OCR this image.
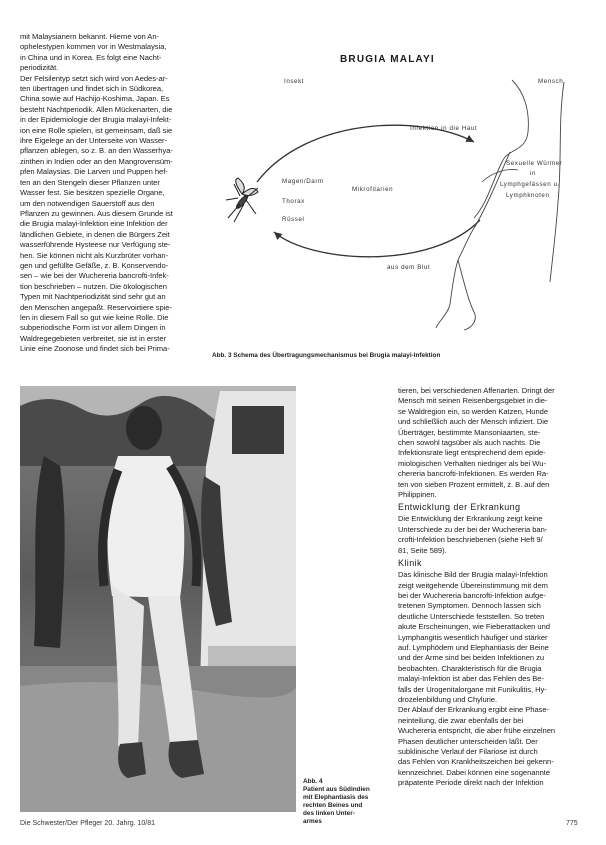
mit Malaysianern bekannt. Hierne von An-
ophelestypen kommen vor in Westmalaysia,
in China und in Korea. Es folgt eine Nacht-
periodizität.
Der Felsilentyp setzt sich wird von Aedes-ar-
ten übertragen und findet sich in Südkorea,
China sowie auf Hachijo-Koshima, Japan. Es
besteht Nachtperiodik. Allen Mückenarten, die
in der Epidemiologie der Brugia malayi-Infekt-
ion eine Rolle spielen, ist gemeinsam, daß sie
ihre Eigelege an der Unterseite von Wasser-
pflanzen ablegen, so z. B. an den Wasserhya-
zinthen in Indien oder an den Mangrovensüm-
pfen Malaysias. Die Larven und Puppen hef-
ten an den Stengeln dieser Pflanzen unter
Wasser fest. Sie besitzen spezielle Organe,
um den notwendigen Sauerstoff aus den
Pflanzen zu gewinnen. Aus diesem Grunde ist
die Brugia malayi-Infektion eine Infektion der
ländlichen Gebiete, in denen die Bürgers Zeit
wasserführende Hysteese nur Verfügung ste-
hen. Sie können nicht als Kurzbrüter vorhan-
gen und gefüllte Gefäße, z. B. Konservendo-
sen – wie bei der Wuchereria bancrofti-Infek-
tion beschrieben – nutzen. Die ökologischen
Typen mit Nachtperiodizität sind sehr gut an
den Menschen angepaßt. Reservoirtiere spie-
len in diesem Fall so gut wie keine Rolle. Die
subperiodische Form ist vor allem Dingen in
Waldregegebieten verbreitet, sie ist in erster
Linie eine Zoonose und findet sich bei Prima-
BRUGIA MALAYI
Insekt	Mensch
Infektion in die Haut
Sexuelle Würmer
in
Lymphgefässen u.
Lymphknoten
Mikrofilarien
aus dem Blut
Magen/Darm
Thorax
Rüssel
Abb. 3 Schema des Übertragungsmechanismus bei Brugia malayi-Infektion
Abb. 4
Patient aus Südindien
mit Elephantiasis des
rechten Beines und
des linken Unter-
armes
tieren, bei verschiedenen Affenarten. Dringt der
Mensch mit seinen Reisenbergsgebiet in die-
se Waldregion ein, so werden Katzen, Hunde
und schließlich auch der Mensch infiziert. Die
Überträger, bestimmte Mansoniaarten, ste-
chen sowohl tagsüber als auch nachts. Die
Infektionsrate liegt entsprechend dem epide-
miologischen Verhalten niedriger als bei Wu-
chereria bancrofti-Infektionen. Es werden Ra-
ten von sieben Prozent ermittelt, z. B. auf den
Philippinen.
Entwicklung der Erkrankung
Die Entwicklung der Erkrankung zeigt keine
Unterschiede zu der bei der Wuchereria ban-
crofti-Infektion beschriebenen (siehe Heft 9/
81, Seite 589).
Klinik
Das klinische Bild der Brugia malayi-Infektion
zeigt weitgehende Übereinstimmung mit dem
bei der Wuchereria bancrofti-Infektion aufge-
tretenen Symptomen. Dennoch lassen sich
deutliche Unterschiede feststellen. So treten
akute Erscheinungen, wie Fieberattacken und
Lymphangitis wesentlich häufiger und stärker
auf. Lymphödem und Elephantiasis der Beine
und der Arme sind bei beiden Infektionen zu
beobachten. Charakteristisch für die Brugia
malayi-Infektion ist aber das Fehlen des Be-
falls der Urogenitalorgane mit Funikulitis, Hy-
drozelenbildung und Chylurie.
Der Ablauf der Erkrankung ergibt eine Phase-
neinteilung, die zwar ebenfalls der bei
Wuchereria entspricht, die aber frühe einzelnen
Phasen deutlicher unterscheiden läßt. Der
subklinische Verlauf der Filariose ist durch
das Fehlen von Krankheitszeichen bei gekenn-
kennzeichnet. Dabei können eine sogenannte
präpatente Periode direkt nach der Infektion
Die Schwester/Der Pfleger 20. Jahrg. 10/81	775
